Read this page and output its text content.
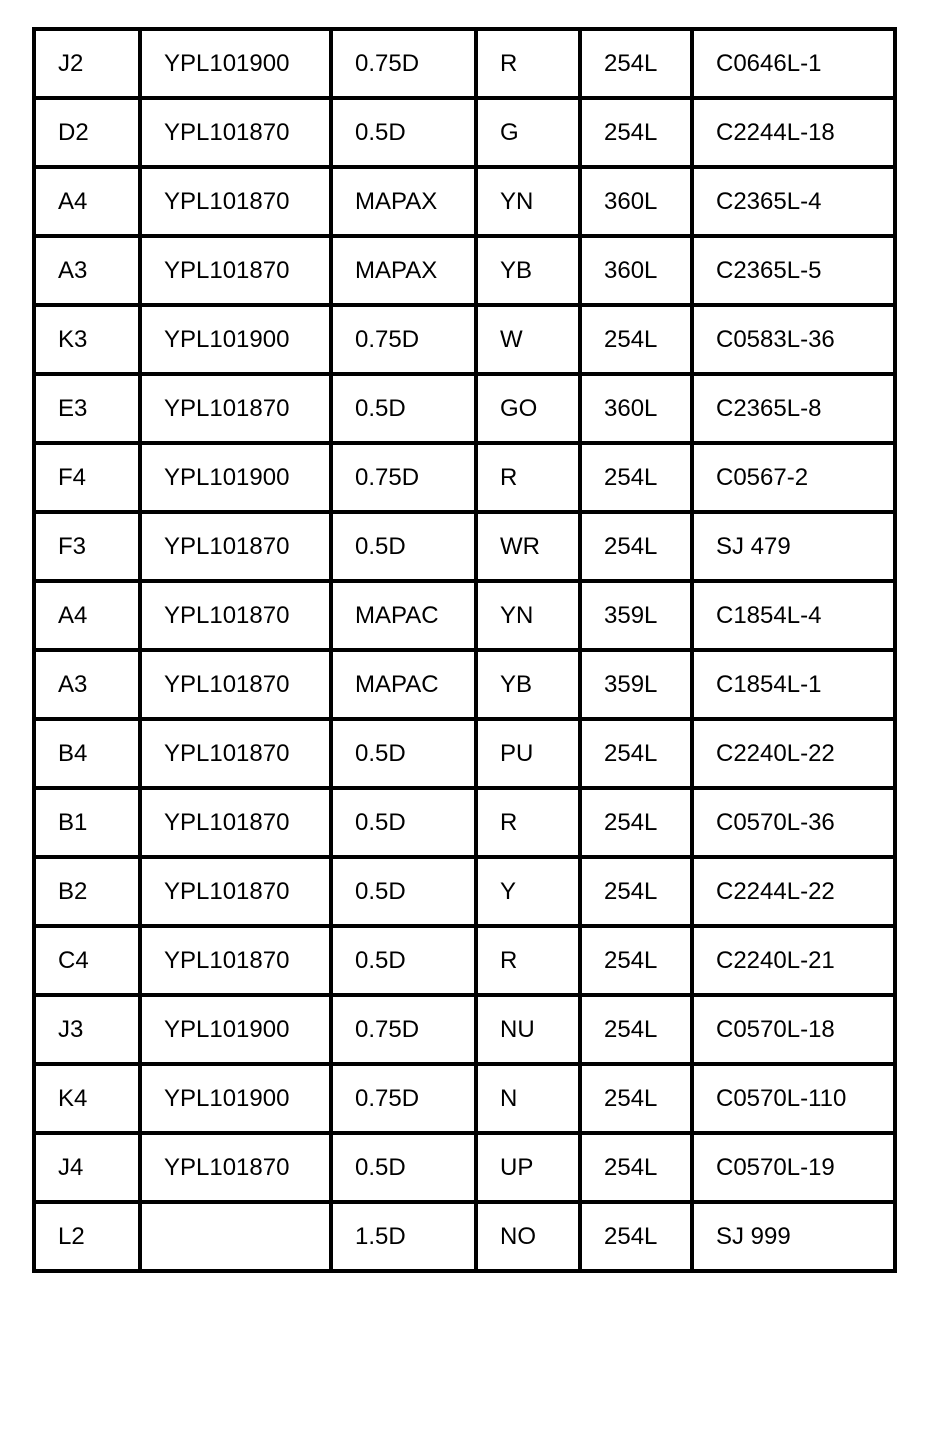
J2	YPL101900	0.75D	R	254L	C0646L-1
D2	YPL101870	0.5D	G	254L	C2244L-18
A4	YPL101870	MAPAX	YN	360L	C2365L-4
A3	YPL101870	MAPAX	YB	360L	C2365L-5
K3	YPL101900	0.75D	W	254L	C0583L-36
E3	YPL101870	0.5D	GO	360L	C2365L-8
F4	YPL101900	0.75D	R	254L	C0567-2
F3	YPL101870	0.5D	WR	254L	SJ 479
A4	YPL101870	MAPAC	YN	359L	C1854L-4
A3	YPL101870	MAPAC	YB	359L	C1854L-1
B4	YPL101870	0.5D	PU	254L	C2240L-22
B1	YPL101870	0.5D	R	254L	C0570L-36
B2	YPL101870	0.5D	Y	254L	C2244L-22
C4	YPL101870	0.5D	R	254L	C2240L-21
J3	YPL101900	0.75D	NU	254L	C0570L-18
K4	YPL101900	0.75D	N	254L	C0570L-110
J4	YPL101870	0.5D	UP	254L	C0570L-19
L2		1.5D	NO	254L	SJ 999
